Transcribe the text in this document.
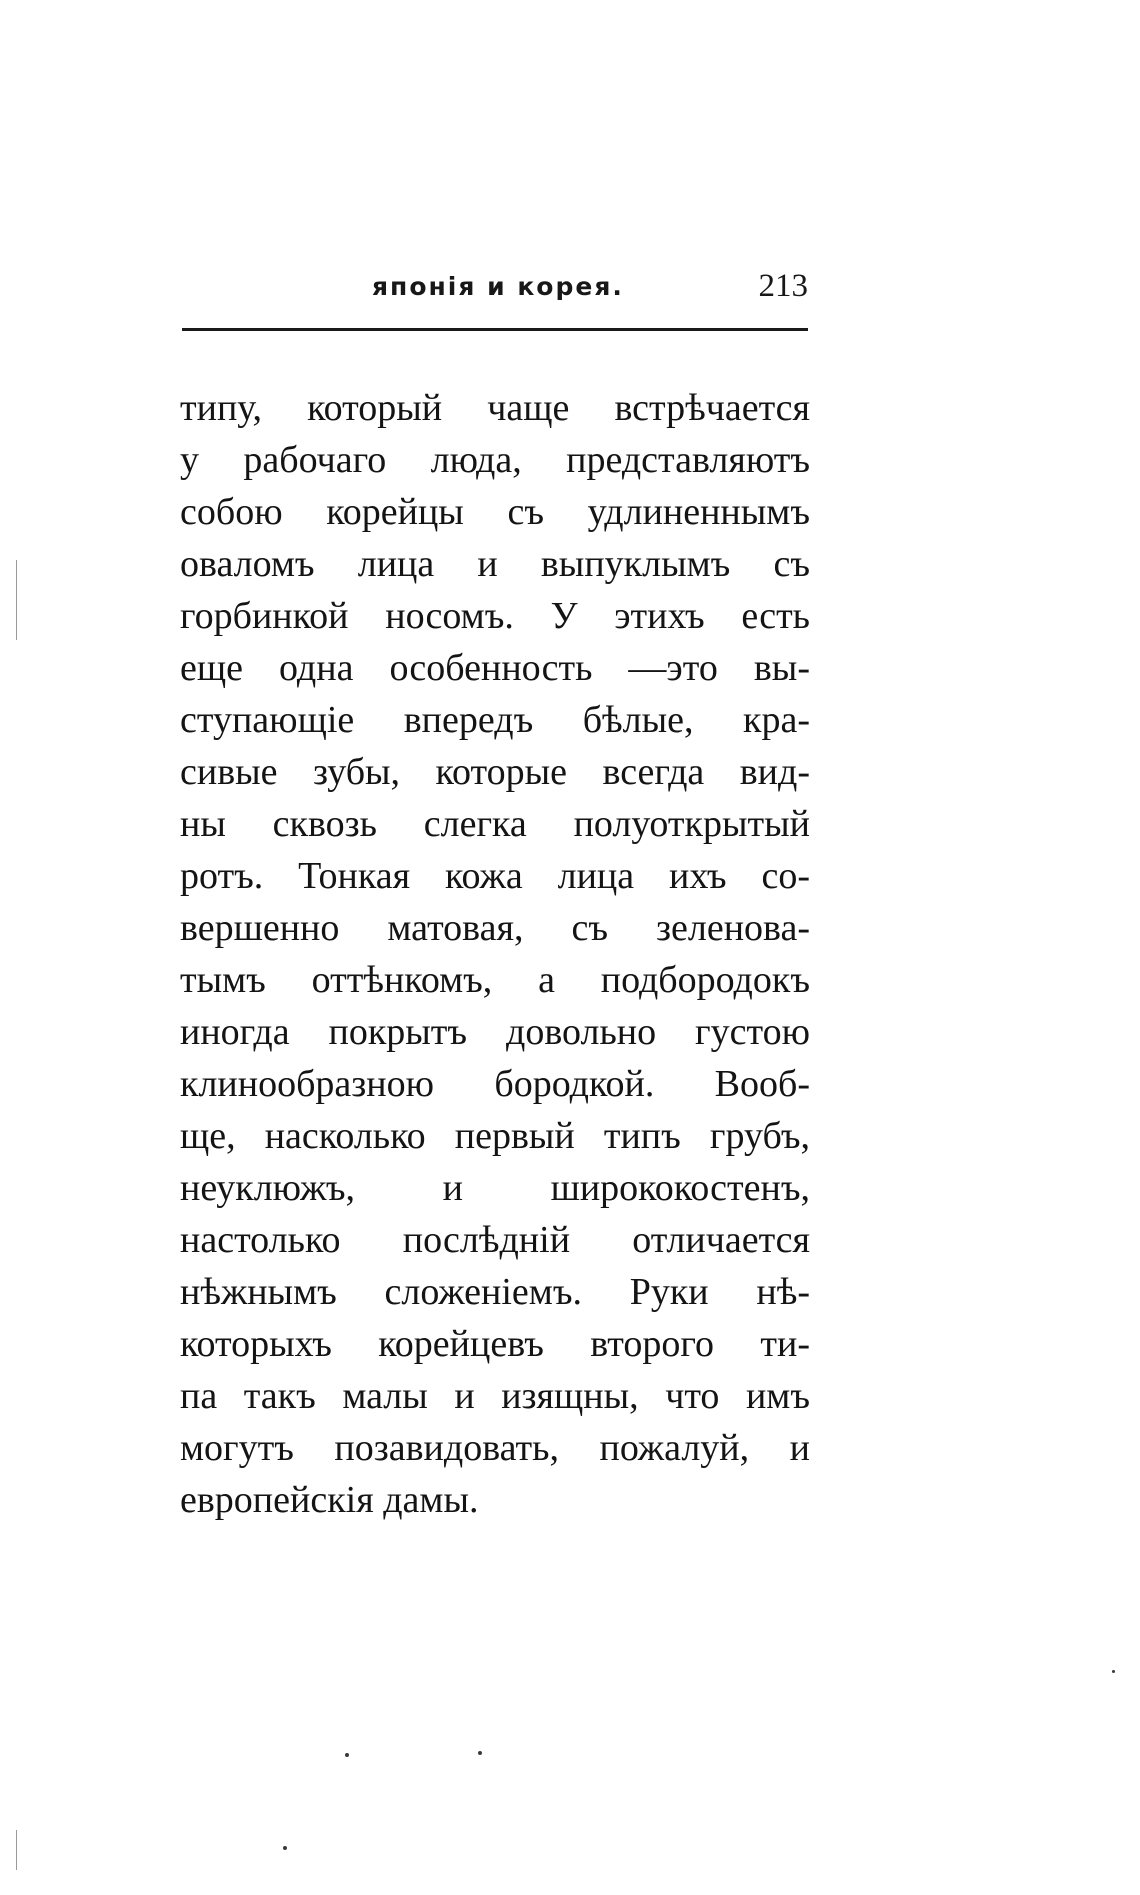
японія и корея.	213
типу, который чаще встрѣчается
у рабочаго люда, представляютъ
собою корейцы съ удлиненнымъ
оваломъ лица и выпуклымъ съ
горбинкой носомъ. У этихъ есть
еще одна особенность —это вы-
ступающіе впередъ бѣлые, кра-
сивые зубы, которые всегда вид-
ны сквозь слегка полуоткрытый
ротъ. Тонкая кожа лица ихъ со-
вершенно матовая, съ зеленова-
тымъ оттѣнкомъ, а подбородокъ
иногда покрытъ довольно густою
клинообразною бородкой. Вооб-
ще, насколько первый типъ грубъ,
неуклюжъ, и ширококостенъ,
настолько послѣдній отличается
нѣжнымъ сложеніемъ. Руки нѣ-
которыхъ корейцевъ второго ти-
па такъ малы и изящны, что имъ
могутъ позавидовать, пожалуй, и
европейскія дамы.
